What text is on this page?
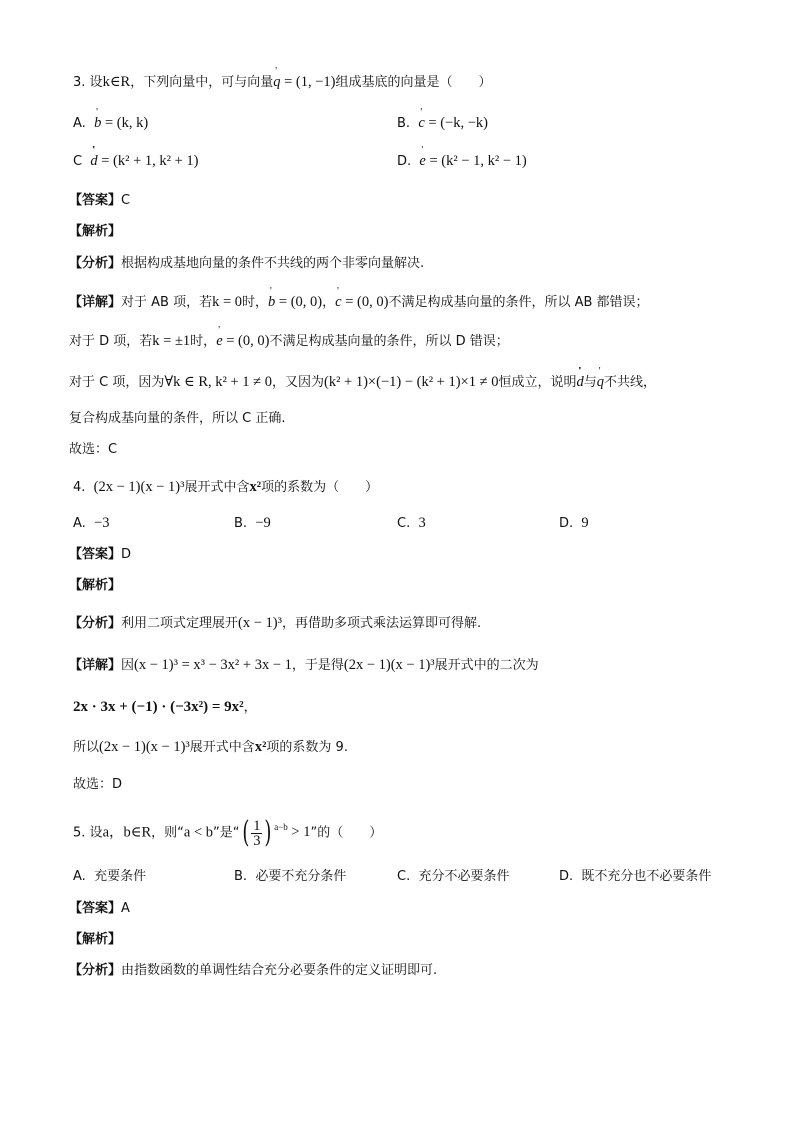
3. 设k∈R，下列向量中，可与向量' q = (1, −1)组成基底的向量是（　　）
A. ' b = (k, k)	B. ' c = (−k, −k)
C '' d = (k² + 1, k² + 1)	D. ' e = (k² − 1, k² − 1)
【答案】C
【解析】
【分析】根据构成基地向量的条件不共线的两个非零向量解决.
【详解】对于 AB 项，若k = 0时，' b = (0, 0)，' c = (0, 0)不满足构成基向量的条件，所以 AB 都错误；
对于 D 项，若k = ±1时，' e = (0, 0)不满足构成基向量的条件，所以 D 错误；
对于 C 项，因为∀k ∈ R, k² + 1 ≠ 0，又因为(k² + 1)×(−1) − (k² + 1)×1 ≠ 0恒成立，说明'' d与' q不共线，
复合构成基向量的条件，所以 C 正确.
故选：C
4. (2x − 1)(x − 1)³展开式中含x²项的系数为（　　）
A. −3	B. −9	C. 3	D. 9
【答案】D
【解析】
【分析】利用二项式定理展开(x − 1)³，再借助多项式乘法运算即可得解.
【详解】因(x − 1)³ = x³ − 3x² + 3x − 1，于是得(2x − 1)(x − 1)³展开式中的二次为
2x · 3x + (−1) · (−3x²) = 9x²，
所以(2x − 1)(x − 1)³展开式中含x²项的系数为 9.
故选：D
5. 设a，b∈R，则“a < b”是“( $\frac{1}{3}$ ) $^{a-b}$ > 1”的（　　）
A. 充要条件	B. 必要不充分条件	C. 充分不必要条件	D. 既不充分也不必要条件
【答案】A
【解析】
【分析】由指数函数的单调性结合充分必要条件的定义证明即可.
